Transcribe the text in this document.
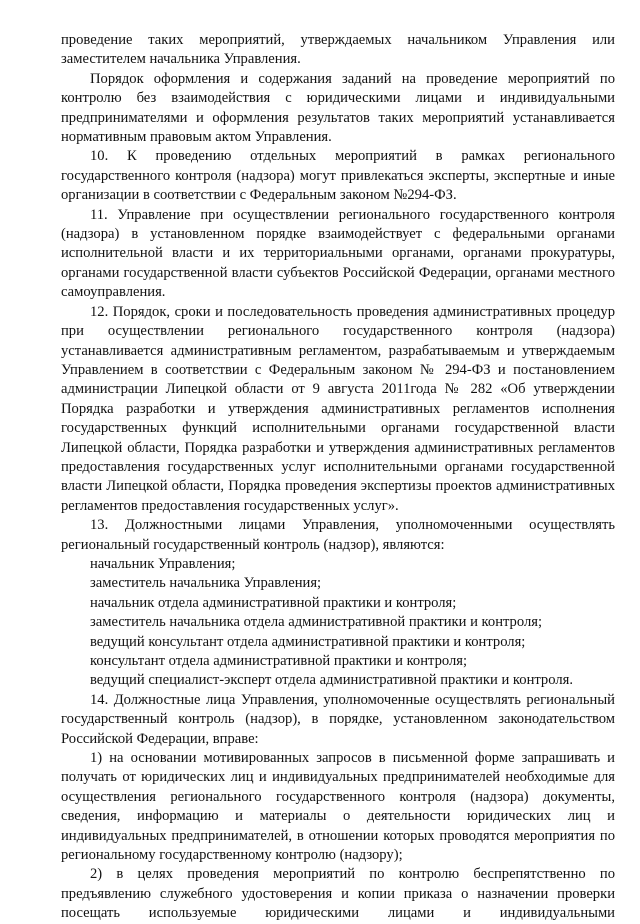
проведение таких мероприятий, утверждаемых начальником Управления или заместителем начальника Управления.

Порядок оформления и содержания заданий на проведение мероприятий по контролю без взаимодействия с юридическими лицами и индивидуальными предпринимателями и оформления результатов таких мероприятий устанавливается нормативным правовым актом Управления.

10. К проведению отдельных мероприятий в рамках регионального государственного контроля (надзора) могут привлекаться эксперты, экспертные и иные организации в соответствии с Федеральным законом №294-ФЗ.

11. Управление при осуществлении регионального государственного контроля (надзора) в установленном порядке взаимодействует с федеральными органами исполнительной власти и их территориальными органами, органами прокуратуры, органами государственной власти субъектов Российской Федерации, органами местного самоуправления.

12. Порядок, сроки и последовательность проведения административных процедур при осуществлении регионального государственного контроля (надзора) устанавливается административным регламентом, разрабатываемым и утверждаемым Управлением в соответствии с Федеральным законом № 294-ФЗ и постановлением администрации Липецкой области от 9 августа 2011года № 282 «Об утверждении Порядка разработки и утверждения административных регламентов исполнения государственных функций исполнительными органами государственной власти Липецкой области, Порядка разработки и утверждения административных регламентов предоставления государственных услуг исполнительными органами государственной власти Липецкой области, Порядка проведения экспертизы проектов административных регламентов предоставления государственных услуг».

13. Должностными лицами Управления, уполномоченными осуществлять региональный государственный контроль (надзор), являются:

начальник Управления;
заместитель начальника Управления;
начальник отдела административной практики и контроля;
заместитель начальника отдела административной практики и контроля;
ведущий консультант отдела административной практики и контроля;
консультант отдела административной практики и контроля;
ведущий специалист-эксперт отдела административной практики и контроля.

14. Должностные лица Управления, уполномоченные осуществлять региональный государственный контроль (надзор), в порядке, установленном законодательством Российской Федерации, вправе:

1) на основании мотивированных запросов в письменной форме запрашивать и получать от юридических лиц и индивидуальных предпринимателей необходимые для осуществления регионального государственного контроля (надзора) документы, сведения, информацию и материалы о деятельности юридических лиц и индивидуальных предпринимателей, в отношении которых проводятся мероприятия по региональному государственному контролю (надзору);

2) в целях проведения мероприятий по контролю беспрепятственно по предъявлению служебного удостоверения и копии приказа о назначении проверки посещать используемые юридическими лицами и индивидуальными
